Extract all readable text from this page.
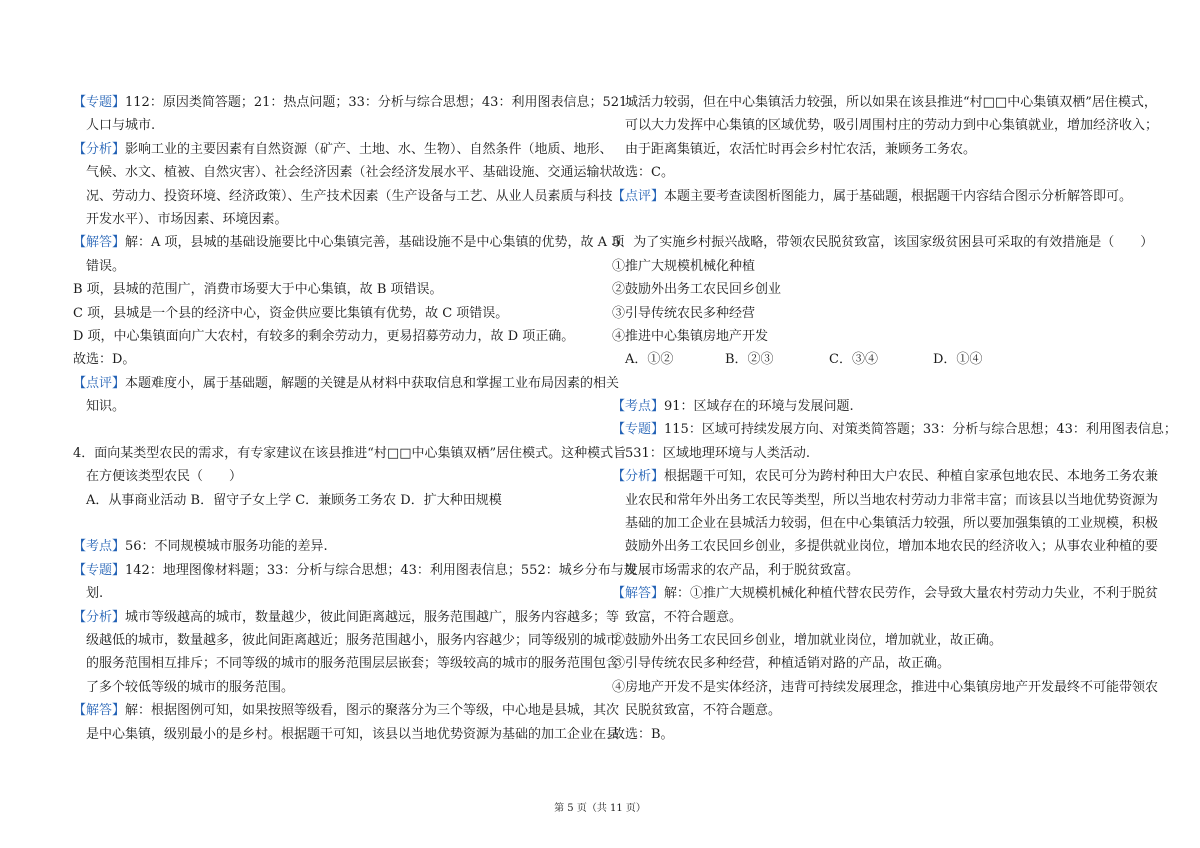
【专题】112：原因类简答题；21：热点问题；33：分析与综合思想；43：利用图表信息；521：
人口与城市.
【分析】影响工业的主要因素有自然资源（矿产、土地、水、生物）、自然条件（地质、地形、
气候、水文、植被、自然灾害）、社会经济因素（社会经济发展水平、基础设施、交通运输状
况、劳动力、投资环境、经济政策）、生产技术因素（生产设备与工艺、从业人员素质与科技
开发水平）、市场因素、环境因素。
【解答】解：A 项，县城的基础设施要比中心集镇完善，基础设施不是中心集镇的优势，故 A 项
错误。
B 项，县城的范围广，消费市场要大于中心集镇，故 B 项错误。
C 项，县城是一个县的经济中心，资金供应要比集镇有优势，故 C 项错误。
D 项，中心集镇面向广大农村，有较多的剩余劳动力，更易招募劳动力，故 D 项正确。
故选：D。
【点评】本题难度小，属于基础题，解题的关键是从材料中获取信息和掌握工业布局因素的相关
知识。
4．面向某类型农民的需求，有专家建议在该县推进“村□□中心集镇双栖”居住模式。这种模式旨
在方便该类型农民（　　）
A．从事商业活动 B．留守子女上学 C．兼顾务工务农 D．扩大种田规模
【考点】56：不同规模城市服务功能的差异.
【专题】142：地理图像材料题；33：分析与综合思想；43：利用图表信息；552：城乡分布与规
划.
【分析】城市等级越高的城市，数量越少，彼此间距离越远，服务范围越广，服务内容越多；等
级越低的城市，数量越多，彼此间距离越近；服务范围越小，服务内容越少；同等级别的城市
的服务范围相互排斥；不同等级的城市的服务范围层层嵌套；等级较高的城市的服务范围包含
了多个较低等级的城市的服务范围。
【解答】解：根据图例可知，如果按照等级看，图示的聚落分为三个等级，中心地是县城，其次
是中心集镇，级别最小的是乡村。根据题干可知，该县以当地优势资源为基础的加工企业在县
城活力较弱，但在中心集镇活力较强，所以如果在该县推进“村□□中心集镇双栖”居住模式，
可以大力发挥中心集镇的区域优势，吸引周围村庄的劳动力到中心集镇就业，增加经济收入；
由于距离集镇近，农活忙时再会乡村忙农活，兼顾务工务农。
故选：C。
【点评】本题主要考查读图析图能力，属于基础题，根据题干内容结合图示分析解答即可。
5．为了实施乡村振兴战略，带领农民脱贫致富，该国家级贫困县可采取的有效措施是（　　）
①推广大规模机械化种植
②鼓励外出务工农民回乡创业
③引导传统农民多种经营
④推进中心集镇房地产开发
A．①②	B．②③	C．③④	D．①④
【考点】91：区域存在的环境与发展问题.
【专题】115：区域可持续发展方向、对策类简答题；33：分析与综合思想；43：利用图表信息；
531：区域地理环境与人类活动.
【分析】根据题干可知，农民可分为跨村种田大户农民、种植自家承包地农民、本地务工务农兼
业农民和常年外出务工农民等类型，所以当地农村劳动力非常丰富；而该县以当地优势资源为
基础的加工企业在县城活力较弱，但在中心集镇活力较强，所以要加强集镇的工业规模，积极
鼓励外出务工农民回乡创业，多提供就业岗位，增加本地农民的经济收入；从事农业种植的要
发展市场需求的农产品，利于脱贫致富。
【解答】解：①推广大规模机械化种植代替农民劳作，会导致大量农村劳动力失业，不利于脱贫
致富，不符合题意。
②鼓励外出务工农民回乡创业，增加就业岗位，增加就业，故正确。
③引导传统农民多种经营，种植适销对路的产品，故正确。
④房地产开发不是实体经济，违背可持续发展理念，推进中心集镇房地产开发最终不可能带领农
民脱贫致富，不符合题意。
故选：B。
第 5 页（共 11 页）
